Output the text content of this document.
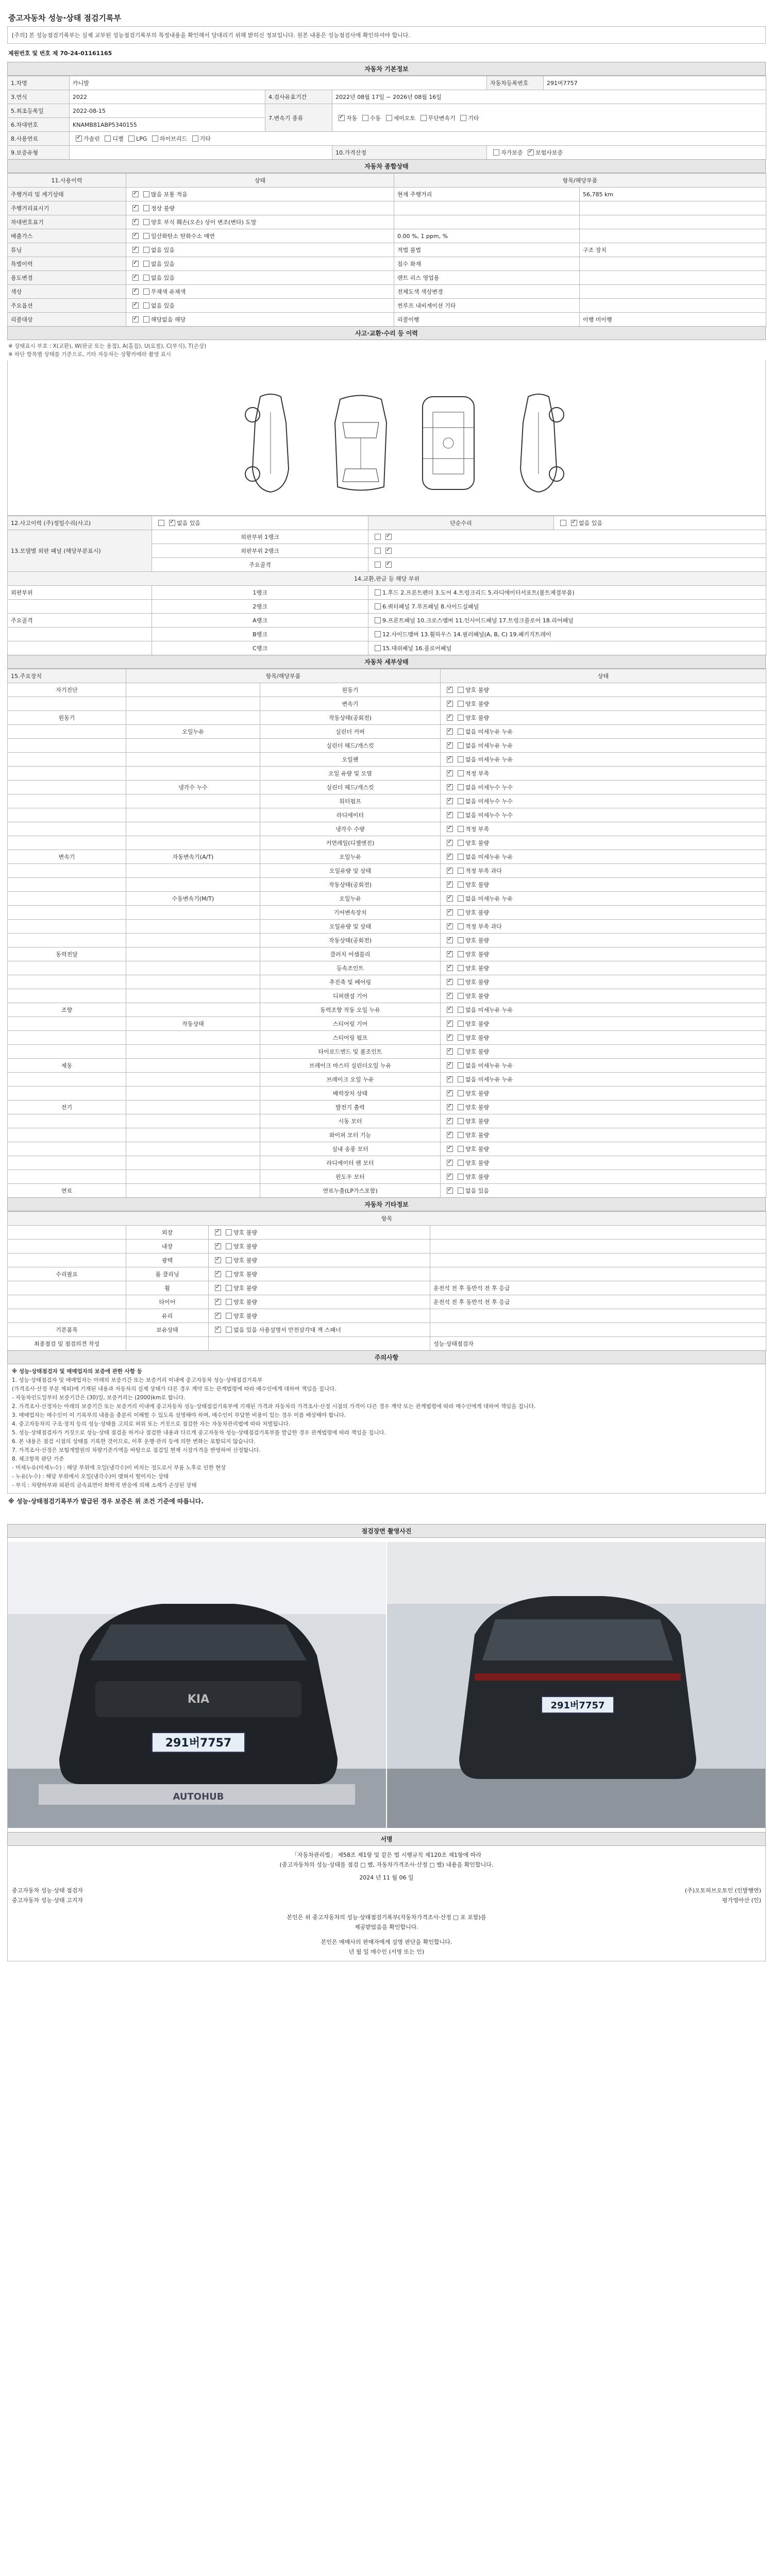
중고자동차 성능·상태 점검기록부
[주의] 본 성능점검기록부는 실제 교부된 성능점검기록부의 특정내용을 확인해서 당대리기 위해 밝히신 정보입니다. 원본 내용은 성능점검사에 확인하셔야 합니다.
제원번호 및 번호 제 70-24-01161165
자동차 기본정보
1.차명	카니발			자동차등록번호	291버7757
3.연식	2022	4.검사유효기간	2022년 08월 17일 ~ 2026년 08월 16일		
5.최초등록일	2022-08-15	7.변속기 종류	✓자동 수동 세미오토 무단변속기 기타
6.차대번호	KNAMB81ABP5340155				
8.사용연료	✓가솔린 디젤 LPG 하이브리드 기타
9.보증유형			10.가격산정	자가보증 ✓ 보험사보증
자동차 종합상태
11.사용이력	상태	항목/해당부품	
주행거리 및 계기상태	✓많음 보통 적음	현재 주행거리	56,785 km
주행거리표시기	✓정상 불량		
차대번호표기	✓양호 부식 훼손(오손) 상이 변조(변타) 도말		
배출가스	✓일산화탄소 탄화수소 매연	0.00 %, 1 ppm, %	
튜닝	✓없음 있음	적법 불법	구조 장치
특별이력	✓없음 있음	침수 화재	
용도변경	✓없음 있음	렌트 리스 영업용	
색상	✓무채색 유채색	전체도색 색상변경	
주요옵션	✓없음 있음	썬루프 내비게이션 기타	
리콜대상	✓해당없음 해당	리콜이행	이행 미이행
사고·교환·수리 등 이력
※ 상태표시 부호 : X(교환), W(판금 또는 용접), A(흠집), U(요철), C(부식), T(손상)
※ 하단 항목별 상태를 기준으로, 기타 자동차는 상황카메라 촬영 표시
12.사고이력 (주)정밀수리(사고)	✓없음 있음	단순수리	✓없음 있음
13.모델별 외판 패널 (해당부분표시)	외판부위 1랭크	✓
	외판부위 2랭크	✓
	주요골격	✓
14.교환,판금 등 해당 부위			
외판부위	1랭크	1.후드 2.프론트펜더 3.도어 4.트렁크리드 5.라디에이터서포트(볼트체결부품)	
	2랭크	6.쿼터패널 7.루프패널 8.사이드실패널	
주요골격	A랭크	9.프론트패널 10.크로스멤버 11.인사이드패널 17.트렁크플로어 18.리어패널	
	B랭크	12.사이드멤버 13.휠하우스 14.필러패널(A, B, C) 19.패키지트레이	
	C랭크	15.대쉬패널 16.플로어패널	
자동차 세부상태
15.주요장치	항목/해당부품		상태
자기진단		원동기	✓양호 불량
		변속기	✓양호 불량
원동기		작동상태(공회전)	✓양호 불량
	오일누유	실린더 커버	✓없음 미세누유 누유
		실린더 헤드/개스킷	✓없음 미세누유 누유
		오일팬	✓없음 미세누유 누유
		오일 유량 및 오염	✓적정 부족
	냉각수 누수	실린더 헤드/개스킷	✓없음 미세누수 누수
		워터펌프	✓없음 미세누수 누수
		라디에이터	✓없음 미세누수 누수
		냉각수 수량	✓적정 부족
		커먼레일(디젤엔진)	✓양호 불량
변속기	자동변속기(A/T)	오일누유	✓없음 미세누유 누유
		오일유량 및 상태	✓적정 부족 과다
		작동상태(공회전)	✓양호 불량
	수동변속기(M/T)	오일누유	✓없음 미세누유 누유
		기어변속장치	✓양호 불량
		오일유량 및 상태	✓적정 부족 과다
		작동상태(공회전)	✓양호 불량
동력전달		클러치 어셈블리	✓양호 불량
		등속조인트	✓양호 불량
		추진축 및 베어링	✓양호 불량
		디퍼렌셜 기어	✓양호 불량
조향		동력조향 작동 오일 누유	✓없음 미세누유 누유
	작동상태	스티어링 기어	✓양호 불량
		스티어링 펌프	✓양호 불량
		타이로드엔드 및 볼조인트	✓양호 불량
제동		브레이크 마스터 실린더오일 누유	✓없음 미세누유 누유
		브레이크 오일 누유	✓없음 미세누유 누유
		배력장치 상태	✓양호 불량
전기		발전기 출력	✓양호 불량
		시동 모터	✓양호 불량
		와이퍼 모터 기능	✓양호 불량
		실내 송풍 모터	✓양호 불량
		라디에이터 팬 모터	✓양호 불량
		윈도우 모터	✓양호 불량
연료		연료누출(LP가스포함)	✓없음 있음
자동차 기타정보
항목			
	외장	✓양호 불량	
	내장	✓양호 불량	
	광택	✓양호 불량	
수리필요	룸 클리닝	✓양호 불량	
	휠	✓양호 불량	운전석 전 후 동반석 전 후 응급
	타이어	✓양호 불량	운전석 전 후 동반석 전 후 응급
	유리	✓양호 불량	
기본품목	보유상태	✓없음 있음 사용설명서 안전삼각대 잭 스패너	
최종점검 및 점검의견 작성			성능·상태점검자
주의사항
※ 성능·상태점검자 및 매매업자의 보증에 관한 사항 등
1. 성능·상태점검자 및 매매업자는 아래의 보증기간 또는 보증거리 이내에 중고자동차 성능·상태점검기록부
(가격조사·산정 부분 제외)에 기재된 내용과 자동차의 실제 상태가 다른 경우 계약 또는 관계법령에 따라 매수인에게 대하여 책임을 집니다.
- 자동차인도일부터 보증기간은 (30)일, 보증거리는 (2000)km로 합니다.
2. 가격조사·산정자는 아래의 보증기간 또는 보증거리 이내에 중고자동차 성능·상태점검기록부에 기재된 가격과 자동차의 가격조사·산정 시점의 가격이 다른 경우 계약 또는 관계법령에 따라 매수인에게 대하여 책임을 집니다.
3. 매매업자는 매수인이 이 기록부의 내용을 충분히 이해할 수 있도록 설명해야 하며, 매수인이 부담한 비용이 있는 경우 이를 배상해야 합니다.
4. 중고자동차의 구조·장치 등의 성능·상태를 고의로 허위 또는 거짓으로 점검한 자는 자동차관리법에 따라 처벌됩니다.
5. 성능·상태점검자가 거짓으로 성능·상태 점검을 하거나 점검한 내용과 다르게 중고자동차 성능·상태점검기록부를 발급한 경우 관계법령에 따라 책임을 집니다.
6. 본 내용은 점검 시점의 상태를 기록한 것이므로, 이후 운행·관리 등에 의한 변화는 포함되지 않습니다.
7. 가격조사·산정은 보험개발원의 차량기준가액을 바탕으로 점검일 현재 시장가격을 반영하여 산정합니다.
8. 체크항목 판단 기준
- 미세누유(미세누수) : 해당 부위에 오일(냉각수)이 비치는 정도로서 부품 노후로 인한 현상
- 누유(누수) : 해당 부위에서 오일(냉각수)이 맺혀서 떨어지는 상태
- 부식 : 차량하부와 외판의 금속표면이 화학적 반응에 의해 소재가 손상된 상태
※ 성능·상태점검기록부가 발급된 경우 보증은 위 조건 기준에 따릅니다.
점검장면 촬영사진
KIA
291버7757
AUTOHUB
291버7757
서명
「자동차관리법」 제58조 제1항 및 같은 법 시행규칙 제120조 제1항에 따라
(중고자동차의 성능·상태를 점검 □ 했, 자동차가격조사·산정 □ 했) 내용을 확인합니다.
2024 년 11 월 06 일
중고자동차 성능·상태 점검자	(주)오토허브오토인 (인발행연)
중고자동차 성능·상태 고지자	평가영아산 (인)
본인은 위 중고자동차의 성능·상태점검기록부(자동차가격조사·산정 □ 포 포함)를
제공받았음을 확인합니다.
본인은 매매사의 판매자에게 설명 판단을 확인합니다.
년 월 일 매수인 (서명 또는 인)
